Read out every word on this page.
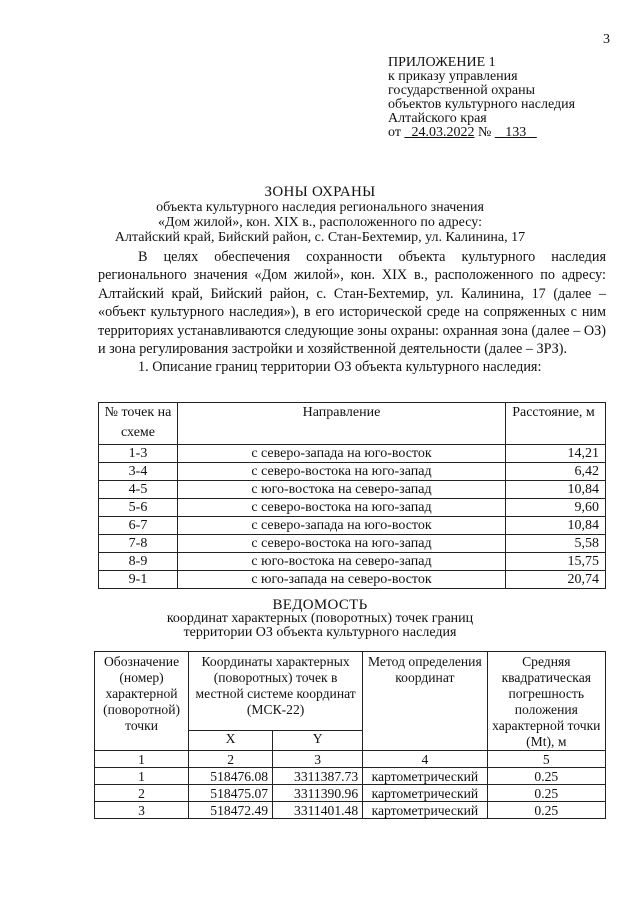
3
ПРИЛОЖЕНИЕ 1
к приказу управления
государственной охраны
объектов культурного наследия
Алтайского края
от 24.03.2022 № 133
ЗОНЫ ОХРАНЫ
объекта культурного наследия регионального значения
«Дом жилой», кон. XIX в., расположенного по адресу:
Алтайский край, Бийский район, с. Стан-Бехтемир, ул. Калинина, 17
В целях обеспечения сохранности объекта культурного наследия регионального значения «Дом жилой», кон. XIX в., расположенного по адресу: Алтайский край, Бийский район, с. Стан-Бехтемир, ул. Калинина, 17 (далее – «объект культурного наследия»), в его исторической среде на сопряженных с ним территориях устанавливаются следующие зоны охраны: охранная зона (далее – ОЗ) и зона регулирования застройки и хозяйственной деятельности (далее – ЗРЗ).
1. Описание границ территории ОЗ объекта культурного наследия:
№ точек на схеме	Направление	Расстояние, м
1-3	с северо-запада на юго-восток	14,21
3-4	с северо-востока на юго-запад	6,42
4-5	с юго-востока на северо-запад	10,84
5-6	с северо-востока на юго-запад	9,60
6-7	с северо-запада на юго-восток	10,84
7-8	с северо-востока на юго-запад	5,58
8-9	с юго-востока на северо-запад	15,75
9-1	с юго-запада на северо-восток	20,74
ВЕДОМОСТЬ
координат характерных (поворотных) точек границ
территории ОЗ объекта культурного наследия
Обозначение (номер) характерной (поворотной) точки	Координаты характерных (поворотных) точек в местной системе координат (МСК-22)		Метод определения координат	Средняя квадратическая погрешность положения характерной точки (Mt), м
	X	Y		
1	2	3	4	5
1	518476.08	3311387.73	картометрический	0.25
2	518475.07	3311390.96	картометрический	0.25
3	518472.49	3311401.48	картометрический	0.25
